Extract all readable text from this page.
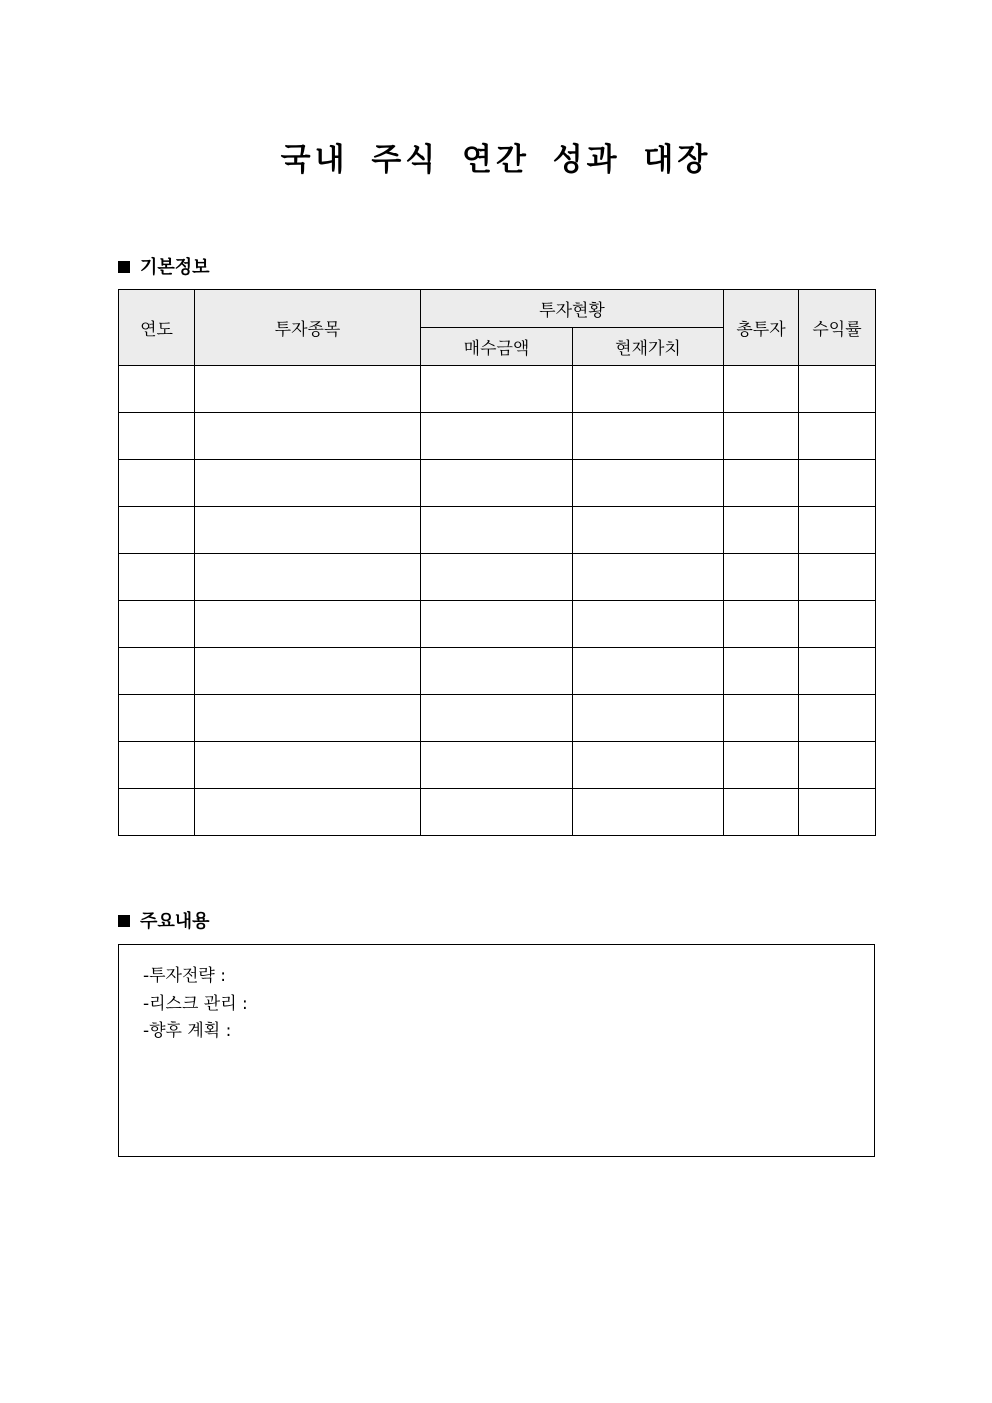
국내 주식 연간 성과 대장
기본정보
연도	투자종목	투자현황		총투자	수익률
		매수금액	현재가치		

주요내용
-투자전략 :
-리스크 관리 :
-향후 계획 :
